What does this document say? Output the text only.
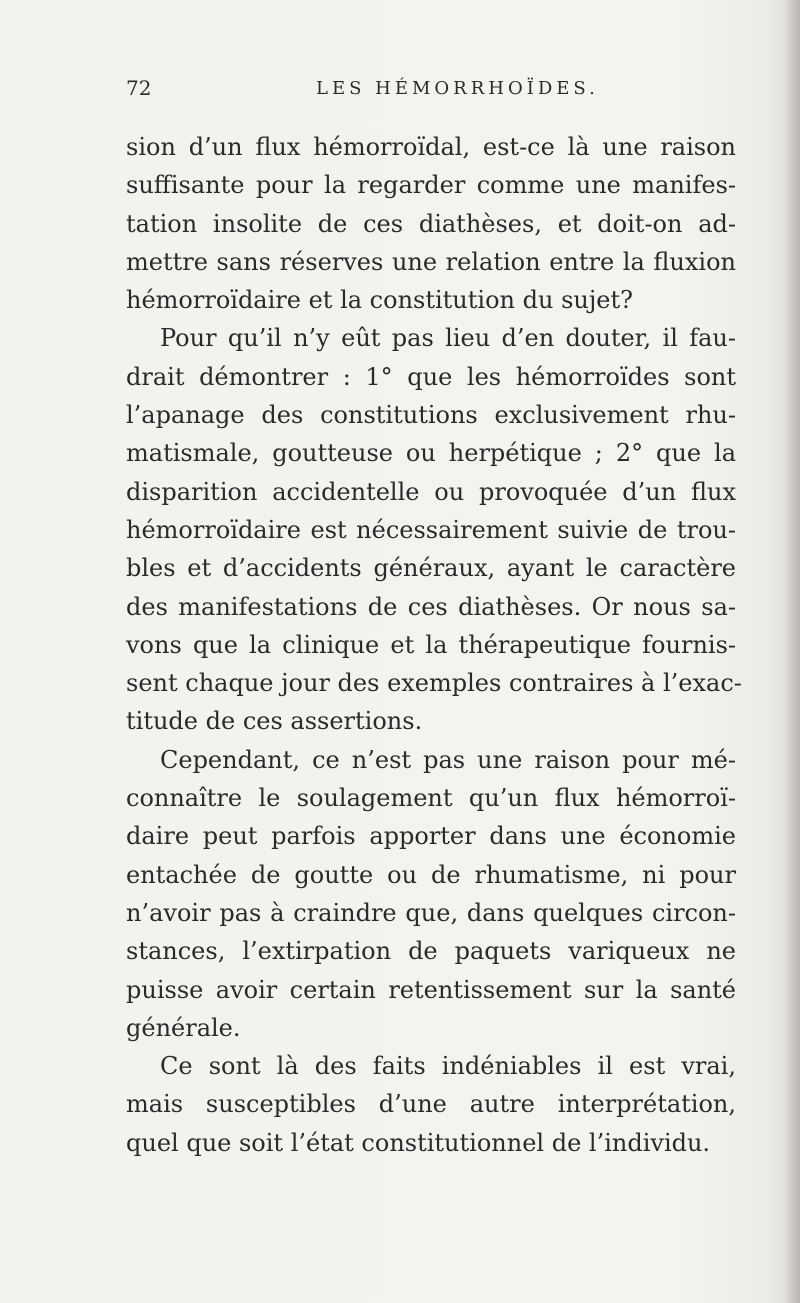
72	LES HÉMORRHOÏDES.
sion d’un flux hémorroïdal, est-ce là une raison
suffisante pour la regarder comme une manifes-
tation insolite de ces diathèses, et doit-on ad-
mettre sans réserves une relation entre la fluxion
hémorroïdaire et la constitution du sujet?
Pour qu’il n’y eût pas lieu d’en douter, il fau-
drait démontrer : 1° que les hémorroïdes sont
l’apanage des constitutions exclusivement rhu-
matismale, goutteuse ou herpétique ; 2° que la
disparition accidentelle ou provoquée d’un flux
hémorroïdaire est nécessairement suivie de trou-
bles et d’accidents généraux, ayant le caractère
des manifestations de ces diathèses. Or nous sa-
vons que la clinique et la thérapeutique fournis-
sent chaque jour des exemples contraires à l’exac-
titude de ces assertions.
Cependant, ce n’est pas une raison pour mé-
connaître le soulagement qu’un flux hémorroï-
daire peut parfois apporter dans une économie
entachée de goutte ou de rhumatisme, ni pour
n’avoir pas à craindre que, dans quelques circon-
stances, l’extirpation de paquets variqueux ne
puisse avoir certain retentissement sur la santé
générale.
Ce sont là des faits indéniables il est vrai,
mais susceptibles d’une autre interprétation,
quel que soit l’état constitutionnel de l’individu.
